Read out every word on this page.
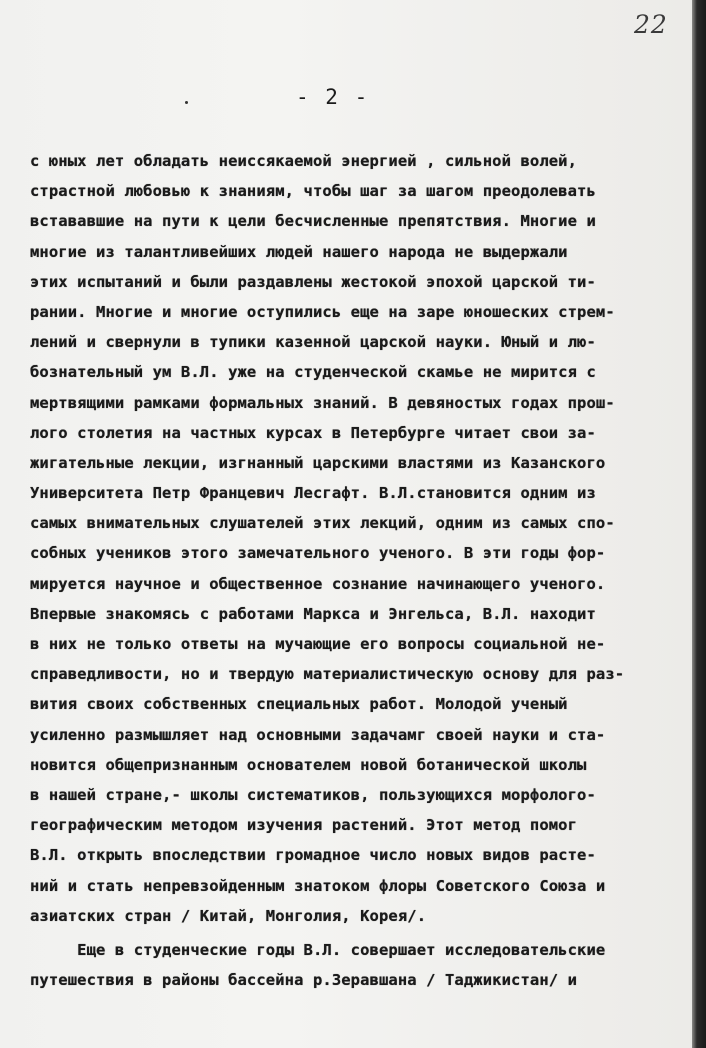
22
- 2 -
с юных лет обладать неиссякаемой энергией , сильной волей,
страстной любовью к знаниям, чтобы шаг за шагом преодолевать
встававшие на пути к цели бесчисленные препятствия. Многие и
многие из талантливейших людей нашего народа не выдержали
этих испытаний и были раздавлены жестокой эпохой царской ти-
рании. Многие и многие оступились еще на заре юношеских стрем-
лений и свернули в тупики казенной царской науки. Юный и лю-
бознательный ум В.Л. уже на студенческой скамье не мирится с
мертвящими рамками формальных знаний. В девяностых годах прош-
лого столетия на частных курсах в Петербурге читает свои за-
жигательные лекции, изгнанный царскими властями из Казанского
Университета Петр Францевич Лесгафт. В.Л.становится одним из
самых внимательных слушателей этих лекций, одним из самых спо-
собных учеников этого замечательного ученого. В эти годы фор-
мируется научное и общественное сознание начинающего ученого.
Впервые знакомясь с работами Маркса и Энгельса, В.Л. находит
в них не только ответы на мучающие его вопросы социальной не-
справедливости, но и твердую материалистическую основу для раз-
вития своих собственных специальных работ. Молодой ученый
усиленно размышляет над основными задачамг своей науки и ста-
новится общепризнанным основателем новой ботанической школы
в нашей стране,- школы систематиков, пользующихся морфолого-
географическим методом изучения растений. Этот метод помог
В.Л. открыть впоследствии громадное число новых видов расте-
ний и стать непревзойденным знатоком флоры Советского Союза и
азиатских стран / Китай, Монголия, Корея/.
Еще в студенческие годы В.Л. совершает исследовательские
путешествия в районы бассейна р.Зеравшана / Таджикистан/ и
